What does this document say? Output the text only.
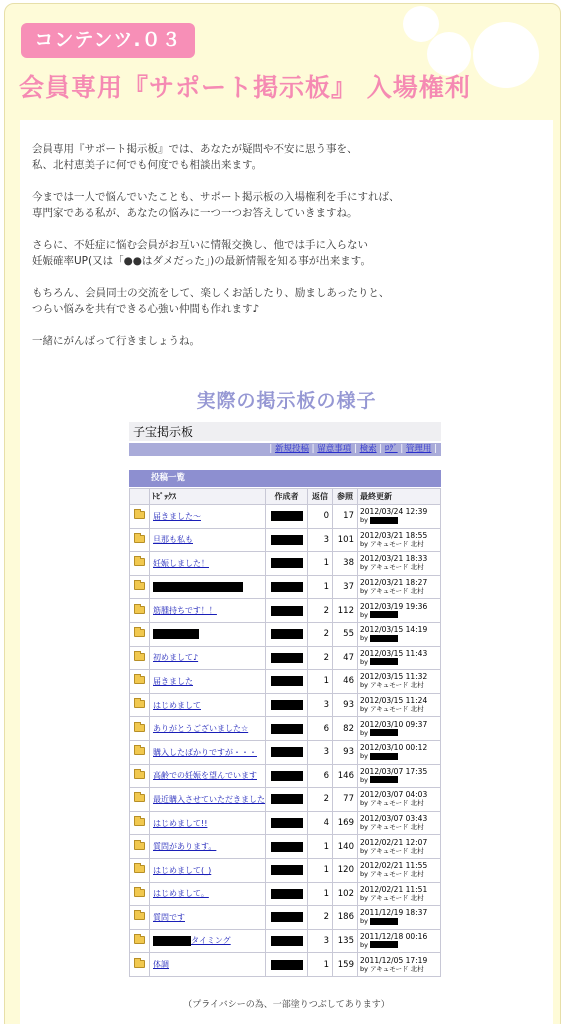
コンテンツ.０３
会員専用『サポート掲示板』 入場権利

会員専用『サポート掲示板』では、あなたが疑問や不安に思う事を、
私、北村恵美子に何でも何度でも相談出来ます。

今までは一人で悩んでいたことも、サポート掲示板の入場権利を手にすれば、
専門家である私が、あなたの悩みに一つ一つお答えしていきますね。

さらに、不妊症に悩む会員がお互いに情報交換し、他では手に入らない
妊娠確率UP(又は「●●はダメだった」)の最新情報を知る事が出来ます。

もちろん、会員同士の交流をして、楽しくお話したり、励ましあったりと、
つらい悩みを共有できる心強い仲間も作れます♪

一緒にがんばって行きましょうね。

実際の掲示板の様子
子宝掲示板
| 新規投稿 | 留意事項 | 検索 | ﾛｸﾞ | 管理用 |
投稿一覧
	ﾄﾋﾟｯｸｽ	作成者	返信	参照	最終更新
	届きました～		0	17	2012/03/24 12:39
by

	旦那も私も		3	101	2012/03/21 18:55
by アキュモード 北村

	妊娠しました！		1	38	2012/03/21 18:33
by アキュモード 北村

			1	37	2012/03/21 18:27
by アキュモード 北村

	筋腫持ちです！！		2	112	2012/03/19 19:36
by

			2	55	2012/03/15 14:19
by

	初めまして♪		2	47	2012/03/15 11:43
by

	届きました		1	46	2012/03/15 11:32
by アキュモード 北村

	はじめまして		3	93	2012/03/15 11:24
by アキュモード 北村

	ありがとうございました☆		6	82	2012/03/10 09:37
by

	購入したばかりですが・・・		3	93	2012/03/10 00:12
by

	高齢での妊娠を望んでいます		6	146	2012/03/07 17:35
by

	最近購入させていただきました		2	77	2012/03/07 04:03
by アキュモード 北村

	はじめまして!!		4	169	2012/03/07 03:43
by アキュモード 北村

	質問があります。		1	140	2012/02/21 12:07
by アキュモード 北村

	はじめまして(_)		1	120	2012/02/21 11:55
by アキュモード 北村

	はじめまして。		1	102	2012/02/21 11:51
by アキュモード 北村

	質問です		2	186	2011/12/19 18:37
by

	タイミング		3	135	2011/12/18 00:16
by

	体調		1	159	2011/12/05 17:19
by アキュモード 北村
（プライバシーの為、一部塗りつぶしてあります）
